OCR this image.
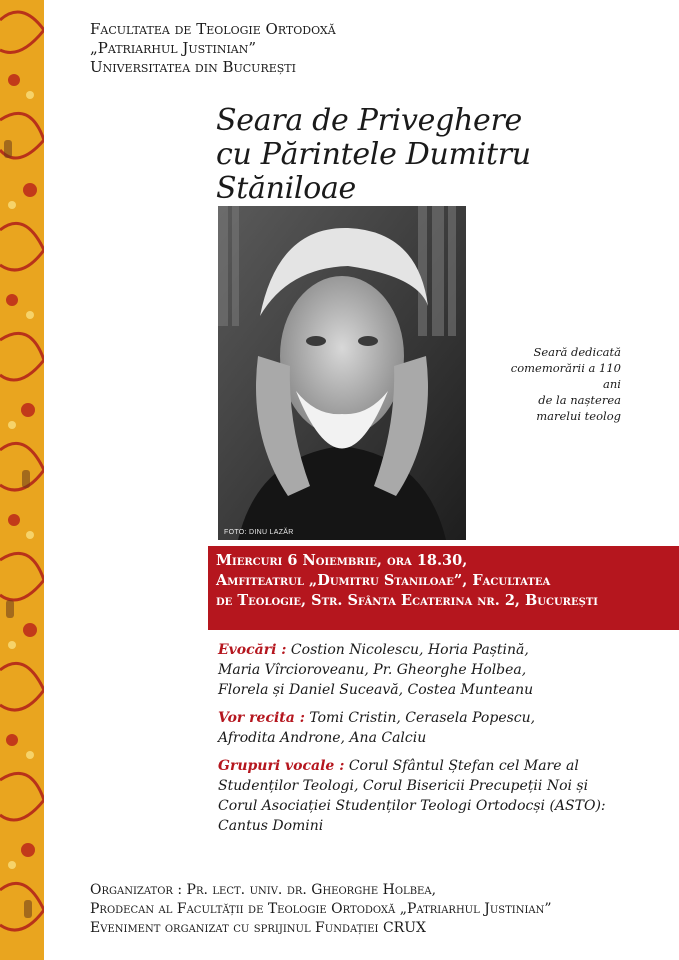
Facultatea de Teologie Ortodoxă
„Patriarhul Justinian”
Universitatea din București
Seara de Priveghere
cu Părintele Dumitru Stăniloae
FOTO: DINU LAZĂR
Seară dedicată
comemorării a 110 ani
de la nașterea
marelui teolog
Miercuri 6 Noiembrie, ora 18.30,
Amfiteatrul „Dumitru Staniloae”, Facultatea
de Teologie, Str. Sfânta Ecaterina nr. 2, București
Evocări : Costion Nicolescu, Horia Paștină,
Maria Vîrcioroveanu, Pr. Gheorghe Holbea,
Florela și Daniel Suceavă, Costea Munteanu
Vor recita : Tomi Cristin, Cerasela Popescu,
Afrodita Androne, Ana Calciu
Grupuri vocale : Corul Sfântul Ștefan cel Mare al
Studenților Teologi, Corul Bisericii Precupeții Noi și
Corul Asociației Studenților Teologi Ortodocși (ASTO):
Cantus Domini
Organizator : Pr. lect. univ. dr. Gheorghe Holbea,
Prodecan al Facultății de Teologie Ortodoxă „Patriarhul Justinian”
Eveniment organizat cu sprijinul Fundației CRUX
